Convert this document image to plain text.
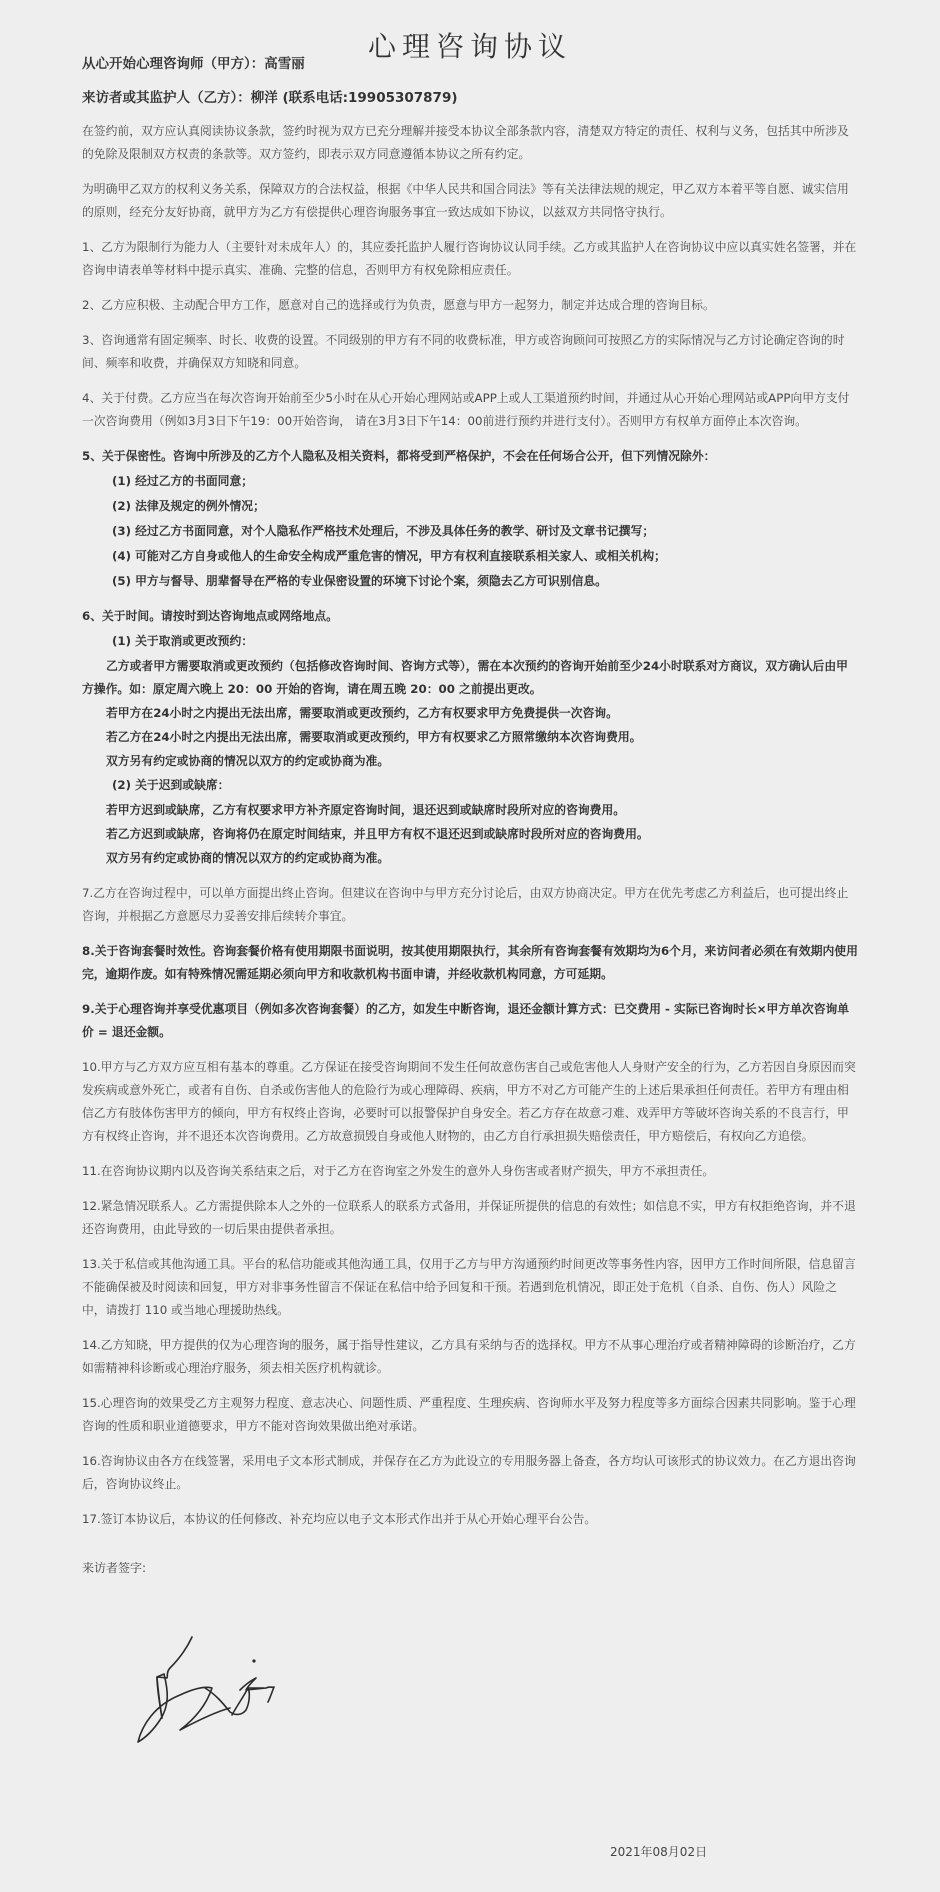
心理咨询协议
从心开始心理咨询师（甲方）：高雪丽
来访者或其监护人（乙方）：柳洋 (联系电话:19905307879)

在签约前，双方应认真阅读协议条款，签约时视为双方已充分理解并接受本协议全部条款内容，清楚双方特定的责任、权利与义务，包括其中所涉及的免除及限制双方权责的条款等。双方签约，即表示双方同意遵循本协议之所有约定。

为明确甲乙双方的权利义务关系，保障双方的合法权益，根据《中华人民共和国合同法》等有关法律法规的规定，甲乙双方本着平等自愿、诚实信用的原则，经充分友好协商，就甲方为乙方有偿提供心理咨询服务事宜一致达成如下协议，以兹双方共同恪守执行。

1、乙方为限制行为能力人（主要针对未成年人）的，其应委托监护人履行咨询协议认同手续。乙方或其监护人在咨询协议中应以真实姓名签署，并在咨询申请表单等材料中提示真实、准确、完整的信息，否则甲方有权免除相应责任。

2、乙方应积极、主动配合甲方工作，愿意对自己的选择或行为负责，愿意与甲方一起努力，制定并达成合理的咨询目标。

3、咨询通常有固定频率、时长、收费的设置。不同级别的甲方有不同的收费标准，甲方或咨询顾问可按照乙方的实际情况与乙方讨论确定咨询的时间、频率和收费，并确保双方知晓和同意。

4、关于付费。乙方应当在每次咨询开始前至少5小时在从心开始心理网站或APP上或人工渠道预约时间，并通过从心开始心理网站或APP向甲方支付一次咨询费用（例如3月3日下午19：00开始咨询， 请在3月3日下午14：00前进行预约并进行支付）。否则甲方有权单方面停止本次咨询。

5、关于保密性。咨询中所涉及的乙方个人隐私及相关资料，都将受到严格保护，不会在任何场合公开，但下列情况除外：

(1) 经过乙方的书面同意；

(2) 法律及规定的例外情况；

(3) 经过乙方书面同意，对个人隐私作严格技术处理后，不涉及具体任务的教学、研讨及文章书记撰写；

(4) 可能对乙方自身或他人的生命安全构成严重危害的情况，甲方有权利直接联系相关家人、或相关机构；

(5) 甲方与督导、朋辈督导在严格的专业保密设置的环境下讨论个案，须隐去乙方可识别信息。

6、关于时间。请按时到达咨询地点或网络地点。

(1) 关于取消或更改预约：

乙方或者甲方需要取消或更改预约（包括修改咨询时间、咨询方式等），需在本次预约的咨询开始前至少24小时联系对方商议，双方确认后由甲方操作。如：原定周六晚上 20：00 开始的咨询，请在周五晚 20：00 之前提出更改。

若甲方在24小时之内提出无法出席，需要取消或更改预约，乙方有权要求甲方免费提供一次咨询。

若乙方在24小时之内提出无法出席，需要取消或更改预约，甲方有权要求乙方照常缴纳本次咨询费用。

双方另有约定或协商的情况以双方的约定或协商为准。

(2) 关于迟到或缺席：

若甲方迟到或缺席，乙方有权要求甲方补齐原定咨询时间，退还迟到或缺席时段所对应的咨询费用。

若乙方迟到或缺席，咨询将仍在原定时间结束，并且甲方有权不退还迟到或缺席时段所对应的咨询费用。

双方另有约定或协商的情况以双方的约定或协商为准。

7.乙方在咨询过程中，可以单方面提出终止咨询。但建议在咨询中与甲方充分讨论后，由双方协商决定。甲方在优先考虑乙方利益后，也可提出终止咨询，并根据乙方意愿尽力妥善安排后续转介事宜。

8.关于咨询套餐时效性。咨询套餐价格有使用期限书面说明，按其使用期限执行，其余所有咨询套餐有效期均为6个月，来访问者必须在有效期内使用完，逾期作废。如有特殊情况需延期必须向甲方和收款机构书面申请，并经收款机构同意，方可延期。

9.关于心理咨询并享受优惠项目（例如多次咨询套餐）的乙方，如发生中断咨询，退还金额计算方式：已交费用 - 实际已咨询时长×甲方单次咨询单价 = 退还金额。

10.甲方与乙方双方应互相有基本的尊重。乙方保证在接受咨询期间不发生任何故意伤害自己或危害他人人身财产安全的行为，乙方若因自身原因而突发疾病或意外死亡，或者有自伤、自杀或伤害他人的危险行为或心理障碍、疾病，甲方不对乙方可能产生的上述后果承担任何责任。若甲方有理由相信乙方有肢体伤害甲方的倾向，甲方有权终止咨询，必要时可以报警保护自身安全。若乙方存在故意刁难、戏弄甲方等破坏咨询关系的不良言行，甲方有权终止咨询，并不退还本次咨询费用。乙方故意损毁自身或他人财物的，由乙方自行承担损失赔偿责任，甲方赔偿后，有权向乙方追偿。

11.在咨询协议期内以及咨询关系结束之后，对于乙方在咨询室之外发生的意外人身伤害或者财产损失，甲方不承担责任。

12.紧急情况联系人。乙方需提供除本人之外的一位联系人的联系方式备用，并保证所提供的信息的有效性；如信息不实，甲方有权拒绝咨询，并不退还咨询费用，由此导致的一切后果由提供者承担。

13.关于私信或其他沟通工具。平台的私信功能或其他沟通工具，仅用于乙方与甲方沟通预约时间更改等事务性内容，因甲方工作时间所限，信息留言不能确保被及时阅读和回复，甲方对非事务性留言不保证在私信中给予回复和干预。若遇到危机情况，即正处于危机（自杀、自伤、伤人）风险之中，请拨打 110 或当地心理援助热线。

14.乙方知晓，甲方提供的仅为心理咨询的服务，属于指导性建议，乙方具有采纳与否的选择权。甲方不从事心理治疗或者精神障碍的诊断治疗，乙方如需精神科诊断或心理治疗服务，须去相关医疗机构就诊。

15.心理咨询的效果受乙方主观努力程度、意志决心、问题性质、严重程度、生理疾病、咨询师水平及努力程度等多方面综合因素共同影响。鉴于心理咨询的性质和职业道德要求，甲方不能对咨询效果做出绝对承诺。

16.咨询协议由各方在线签署，采用电子文本形式制成，并保存在乙方为此设立的专用服务器上备查，各方均认可该形式的协议效力。在乙方退出咨询后，咨询协议终止。

17.签订本协议后，本协议的任何修改、补充均应以电子文本形式作出并于从心开始心理平台公告。

来访者签字:
2021年08月02日
